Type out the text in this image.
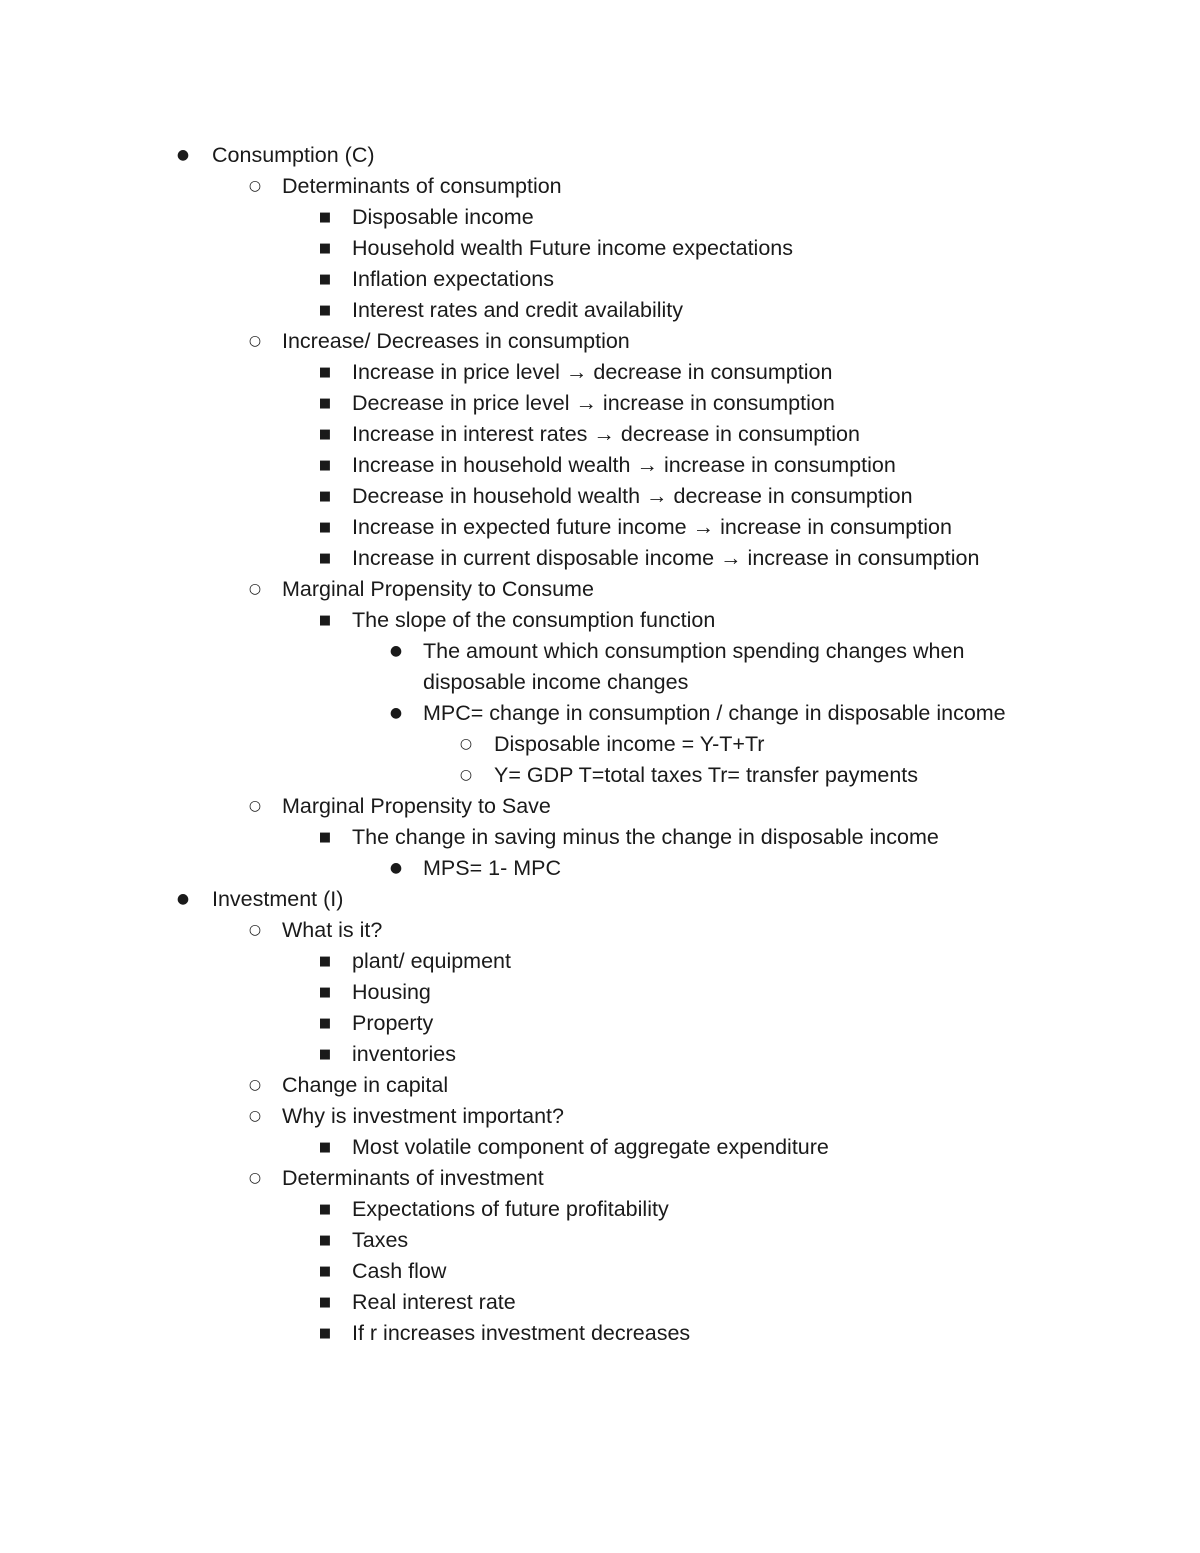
● Consumption (C)
○ Determinants of consumption
■ Disposable income
■ Household wealth Future income expectations
■ Inflation expectations
■ Interest rates and credit availability
○ Increase/ Decreases in consumption
■ Increase in price level → decrease in consumption
■ Decrease in price level → increase in consumption
■ Increase in interest rates → decrease in consumption
■ Increase in household wealth → increase in consumption
■ Decrease in household wealth → decrease in consumption
■ Increase in expected future income → increase in consumption
■ Increase in current disposable income → increase in consumption
○ Marginal Propensity to Consume
■ The slope of the consumption function
● The amount which consumption spending changes when disposable income changes
● MPC= change in consumption / change in disposable income
○ Disposable income = Y-T+Tr
○ Y= GDP T=total taxes Tr= transfer payments
○ Marginal Propensity to Save
■ The change in saving minus the change in disposable income
● MPS= 1- MPC
● Investment (I)
○ What is it?
■ plant/ equipment
■ Housing
■ Property
■ inventories
○ Change in capital
○ Why is investment important?
■ Most volatile component of aggregate expenditure
○ Determinants of investment
■ Expectations of future profitability
■ Taxes
■ Cash flow
■ Real interest rate
■ If r increases investment decreases
